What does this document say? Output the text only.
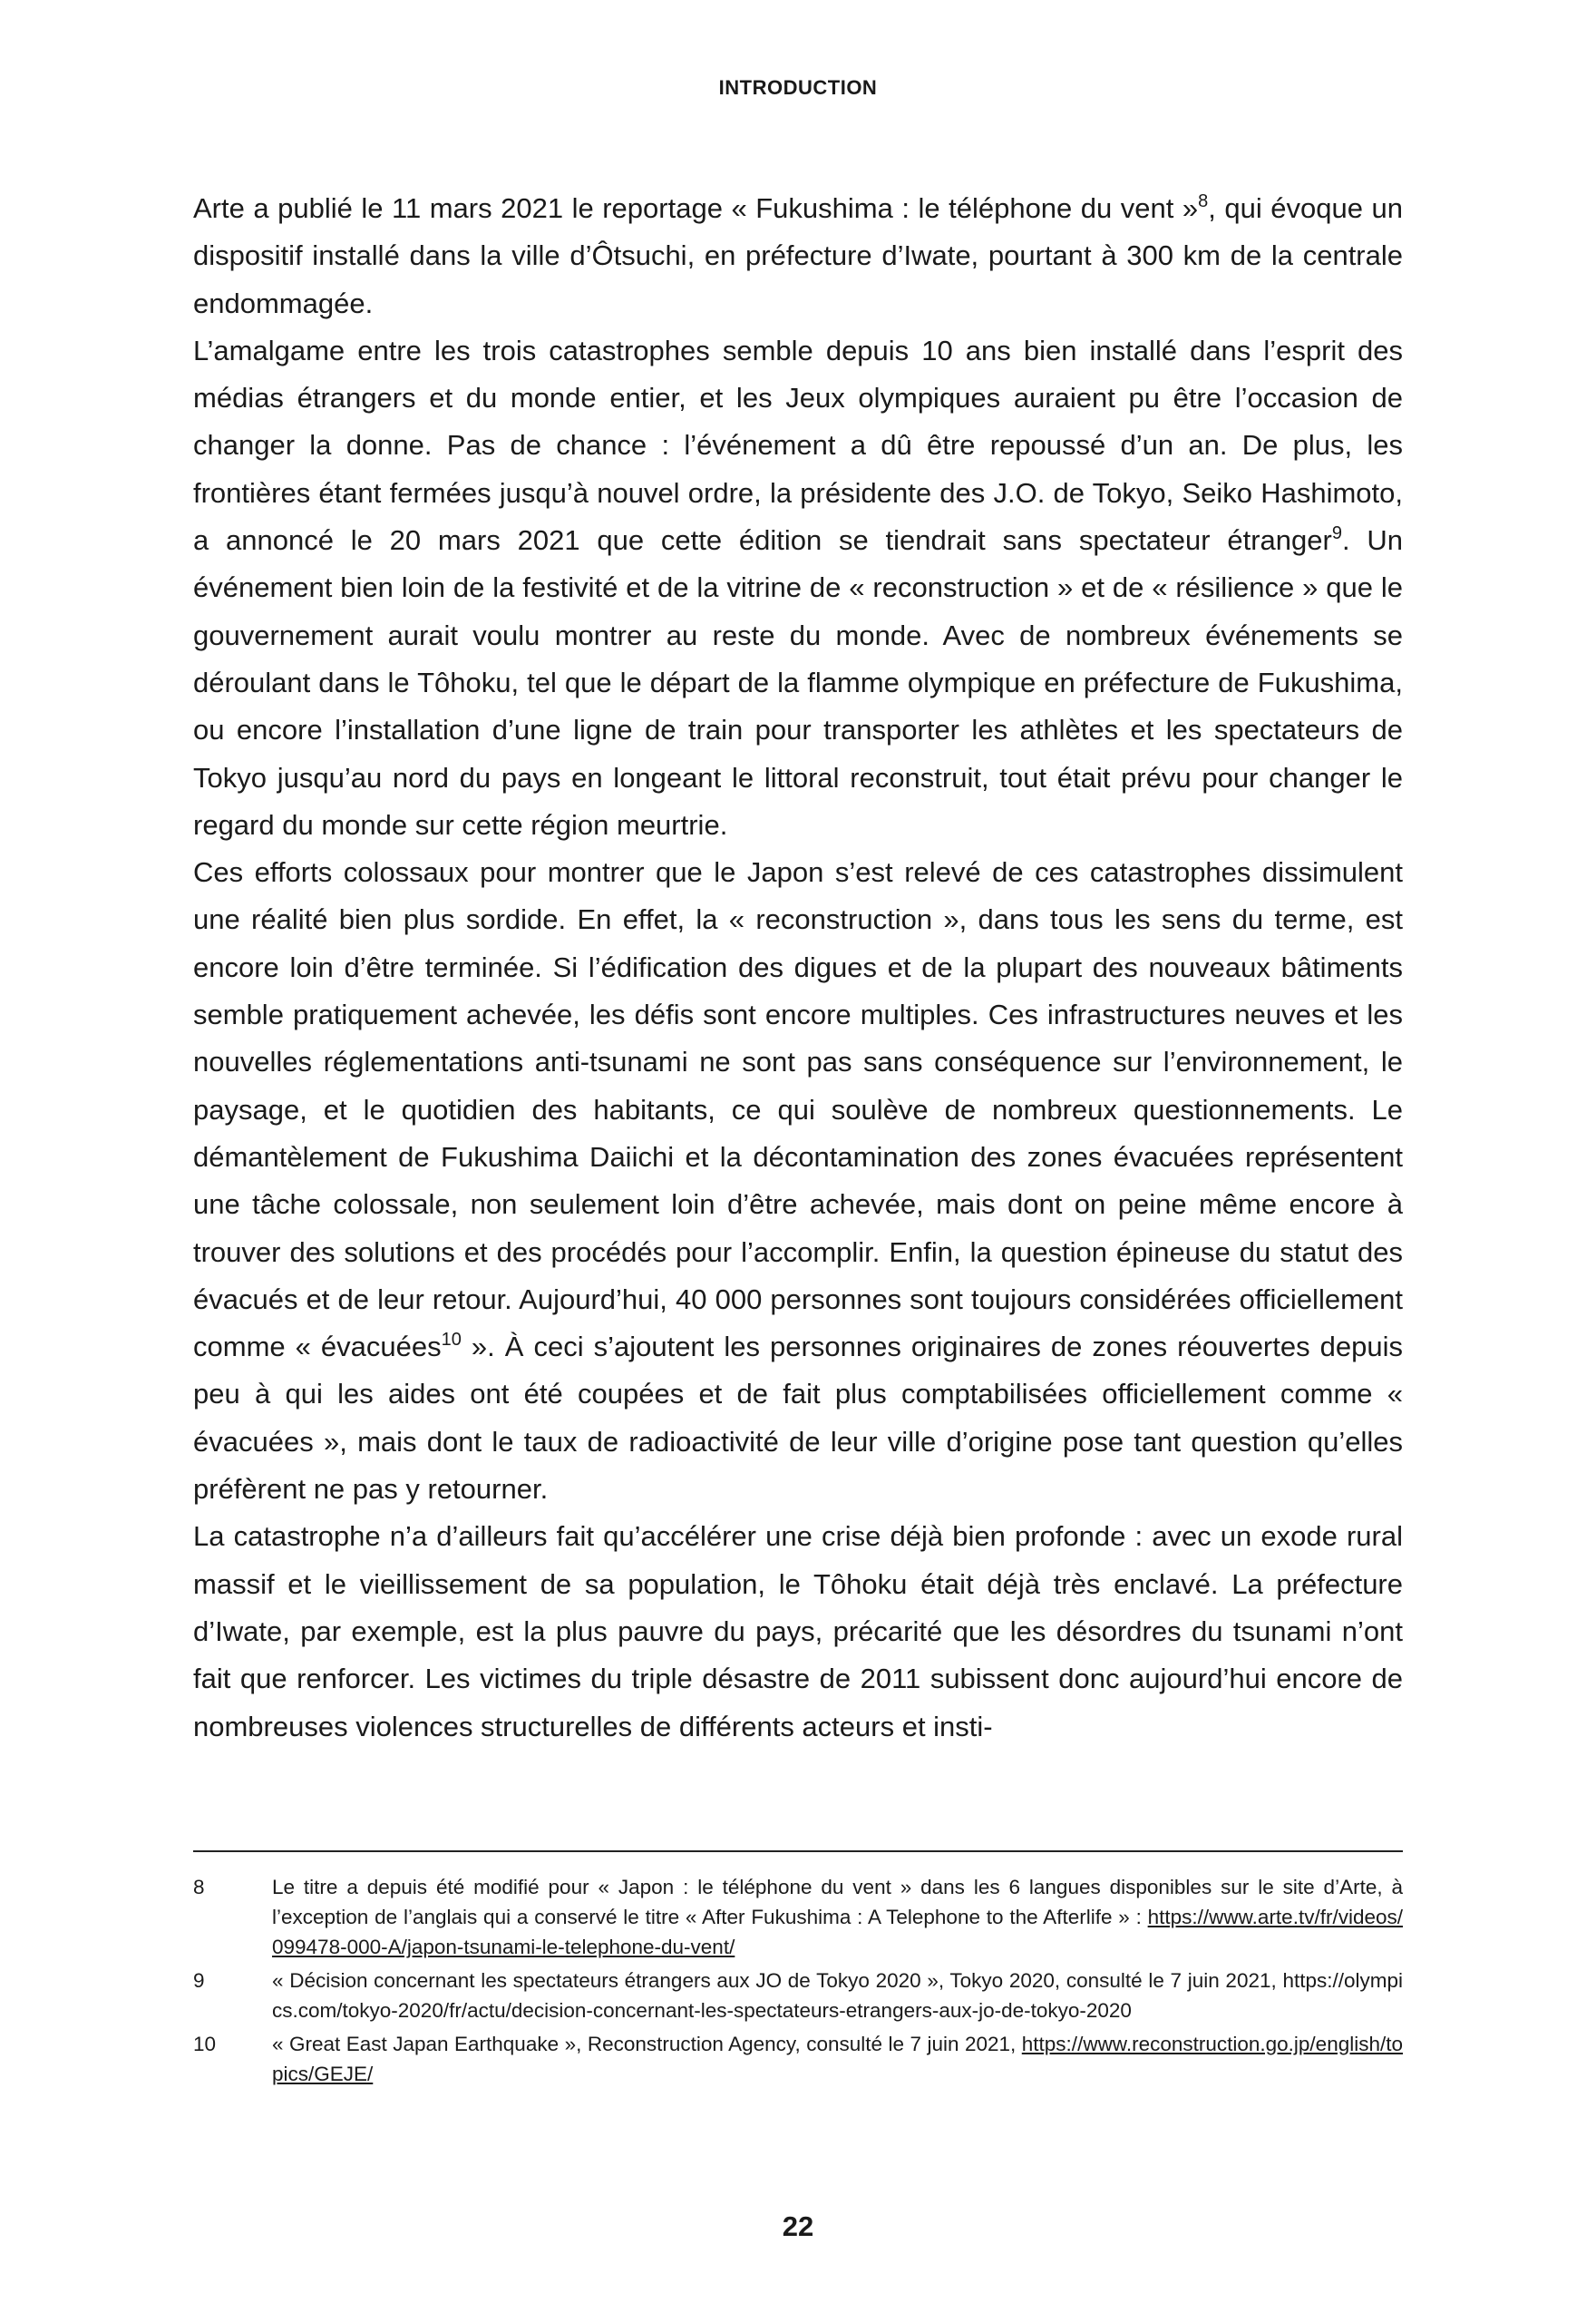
INTRODUCTION

Arte a publié le 11 mars 2021 le reportage « Fukushima : le téléphone du vent »$^8$, qui évoque un dispositif installé dans la ville d’Ôtsuchi, en préfecture d’Iwate, pourtant à 300 km de la centrale endommagée.

L’amalgame entre les trois catastrophes semble depuis 10 ans bien installé dans l’esprit des médias étrangers et du monde entier, et les Jeux olympiques auraient pu être l’occasion de changer la donne. Pas de chance : l’événement a dû être repoussé d’un an. De plus, les frontières étant fermées jusqu’à nouvel ordre, la présidente des J.O. de Tokyo, Seiko Hashimoto, a annoncé le 20 mars 2021 que cette édition se tiendrait sans spectateur étranger$^9$. Un événement bien loin de la festivité et de la vitrine de « reconstruction » et de « résilience » que le gouvernement aurait voulu montrer au reste du monde. Avec de nombreux événements se déroulant dans le Tôhoku, tel que le départ de la flamme olympique en préfecture de Fukushima, ou encore l’installation d’une ligne de train pour transporter les athlètes et les spectateurs de Tokyo jusqu’au nord du pays en longeant le littoral reconstruit, tout était prévu pour changer le regard du monde sur cette région meurtrie.

Ces efforts colossaux pour montrer que le Japon s’est relevé de ces catastrophes dissimulent une réalité bien plus sordide. En effet, la « reconstruction », dans tous les sens du terme, est encore loin d’être terminée. Si l’édification des digues et de la plupart des nouveaux bâtiments semble pratiquement achevée, les défis sont encore multiples. Ces infrastructures neuves et les nouvelles réglementations anti-tsunami ne sont pas sans conséquence sur l’environnement, le paysage, et le quotidien des habitants, ce qui soulève de nombreux questionnements. Le démantèlement de Fukushima Daiichi et la décontamination des zones évacuées représentent une tâche colossale, non seulement loin d’être achevée, mais dont on peine même encore à trouver des solutions et des procédés pour l’accomplir. Enfin, la question épineuse du statut des évacués et de leur retour. Aujourd’hui, 40 000 personnes sont toujours considérées officiellement comme « évacuées$^{10}$ ». À ceci s’ajoutent les personnes originaires de zones réouvertes depuis peu à qui les aides ont été coupées et de fait plus comptabilisées officiellement comme « évacuées », mais dont le taux de radioactivité de leur ville d’origine pose tant question qu’elles préfèrent ne pas y retourner.

La catastrophe n’a d’ailleurs fait qu’accélérer une crise déjà bien profonde : avec un exode rural massif et le vieillissement de sa population, le Tôhoku était déjà très enclavé. La préfecture d’Iwate, par exemple, est la plus pauvre du pays, précarité que les désordres du tsunami n’ont fait que renforcer. Les victimes du triple désastre de 2011 subissent donc aujourd’hui encore de nombreuses violences structurelles de différents acteurs et insti-

8	Le titre a depuis été modifié pour « Japon : le téléphone du vent » dans les 6 langues disponibles sur le site d’Arte, à l’exception de l’anglais qui a conservé le titre « After Fukushima : A Telephone to the Afterlife » : https://www.arte.tv/fr/videos/099478-000-A/japon-tsunami-le-telephone-du-vent/
9	« Décision concernant les spectateurs étrangers aux JO de Tokyo 2020 », Tokyo 2020, consulté le 7 juin 2021, https://olympics.com/tokyo-2020/fr/actu/decision-concernant-les-spectateurs-etrangers-aux-jo-de-tokyo-2020
10	« Great East Japan Earthquake », Reconstruction Agency, consulté le 7 juin 2021, https://www.reconstruction.go.jp/english/topics/GEJE/
22
